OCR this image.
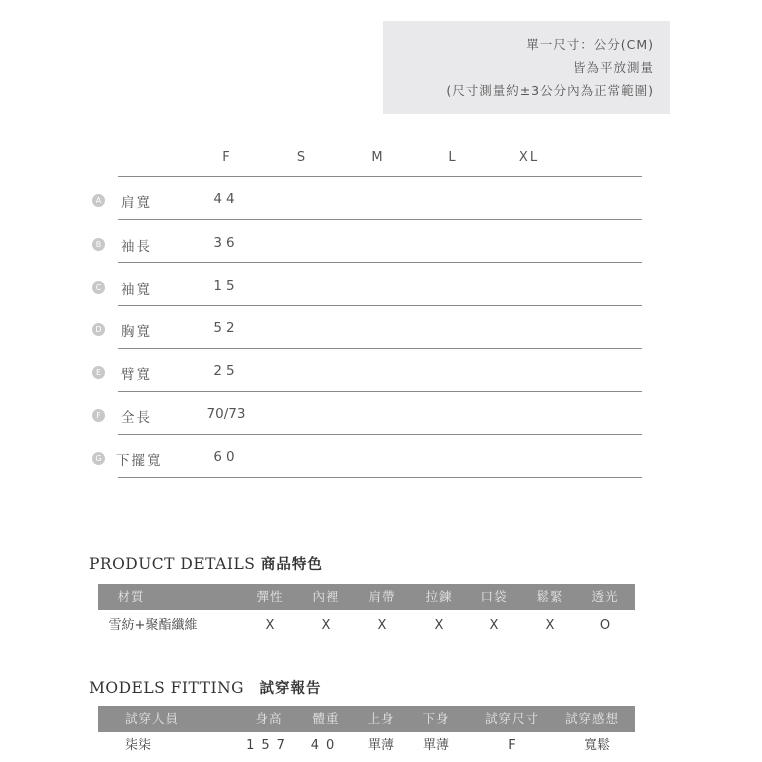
單一尺寸：公分(CM)
皆為平放測量
(尺寸測量約±3公分內為正常範圍)
F	S	M	L	XL
A 肩寬	44
B 袖長	36
C 袖寬	15
D 胸寬	52
E 臂寬	25
F	全長	70/73
G 下擺寬	60
PRODUCT DETAILS 商品特色
材質	彈性 內裡 肩帶 拉鍊 口袋 鬆緊 透光
雪紡+聚酯纖維	X	X	X	X	X	X	O
MODELS FITTING 試穿報告
試穿人員	身高 體重 上身 下身	試穿尺寸 試穿感想
柒柒	157 40 單薄 單薄	F	寬鬆
